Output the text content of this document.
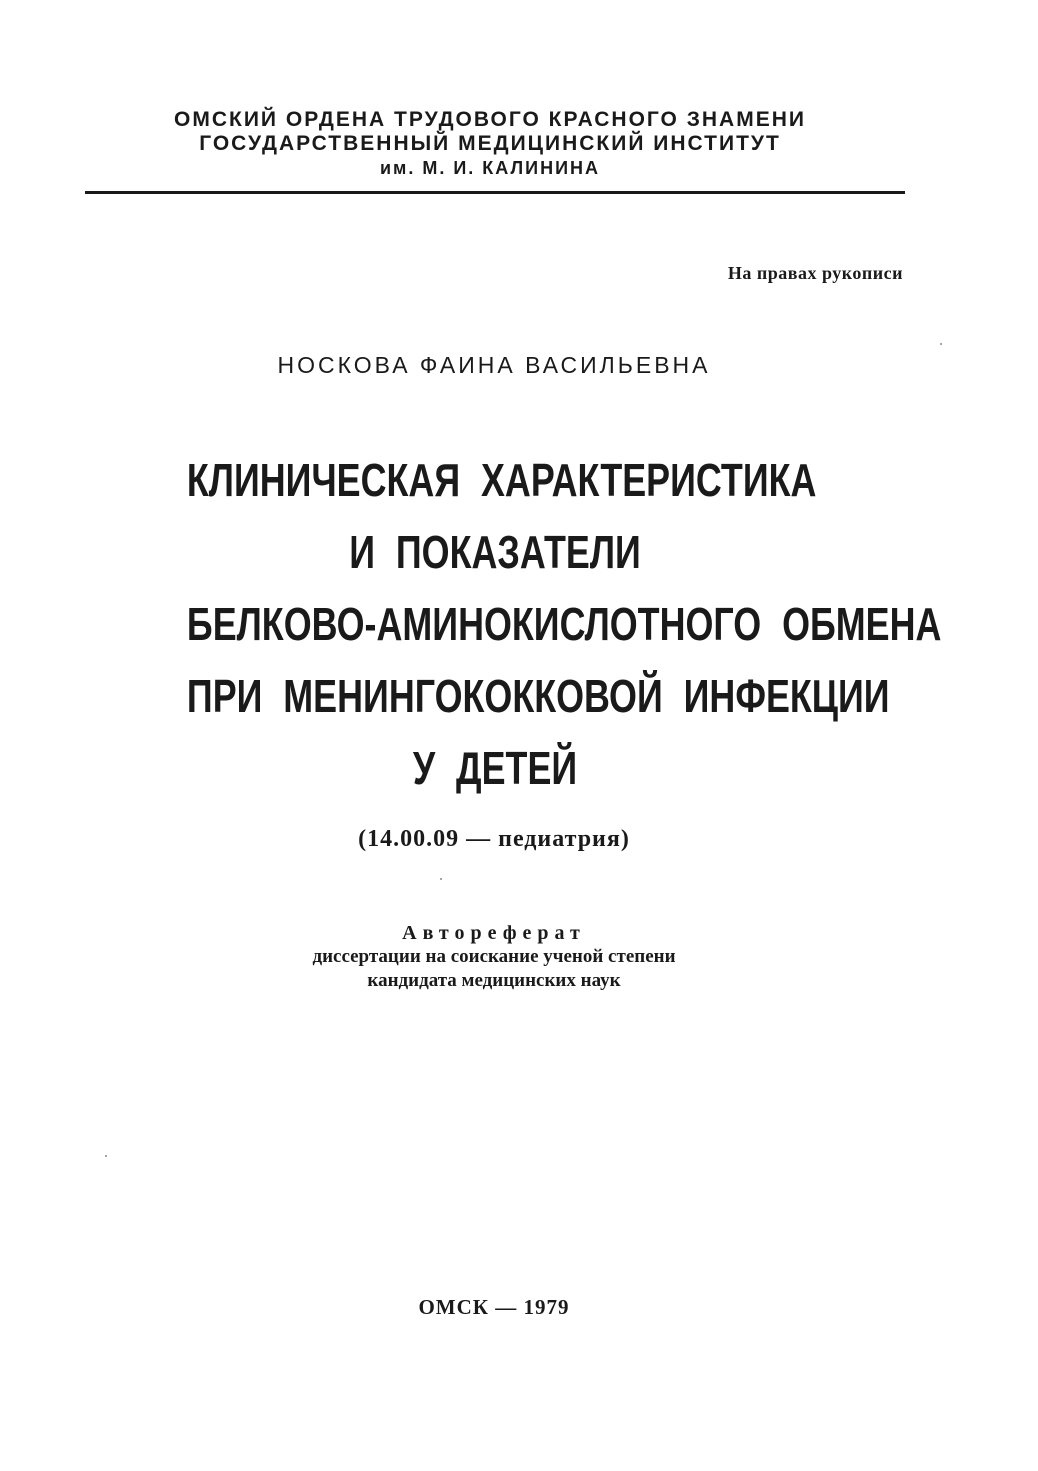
ОМСКИЙ ОРДЕНА ТРУДОВОГО КРАСНОГО ЗНАМЕНИ
ГОСУДАРСТВЕННЫЙ МЕДИЦИНСКИЙ ИНСТИТУТ
им. М. И. КАЛИНИНА
На правах рукописи
НОСКОВА ФАИНА ВАСИЛЬЕВНА
КЛИНИЧЕСКАЯ ХАРАКТЕРИСТИКА
И ПОКАЗАТЕЛИ
БЕЛКОВО-АМИНОКИСЛОТНОГО ОБМЕНА
ПРИ МЕНИНГОКОККОВОЙ ИНФЕКЦИИ
У ДЕТЕЙ
(14.00.09 — педиатрия)
Автореферат
диссертации на соискание ученой степени
кандидата медицинских наук
ОМСК — 1979
